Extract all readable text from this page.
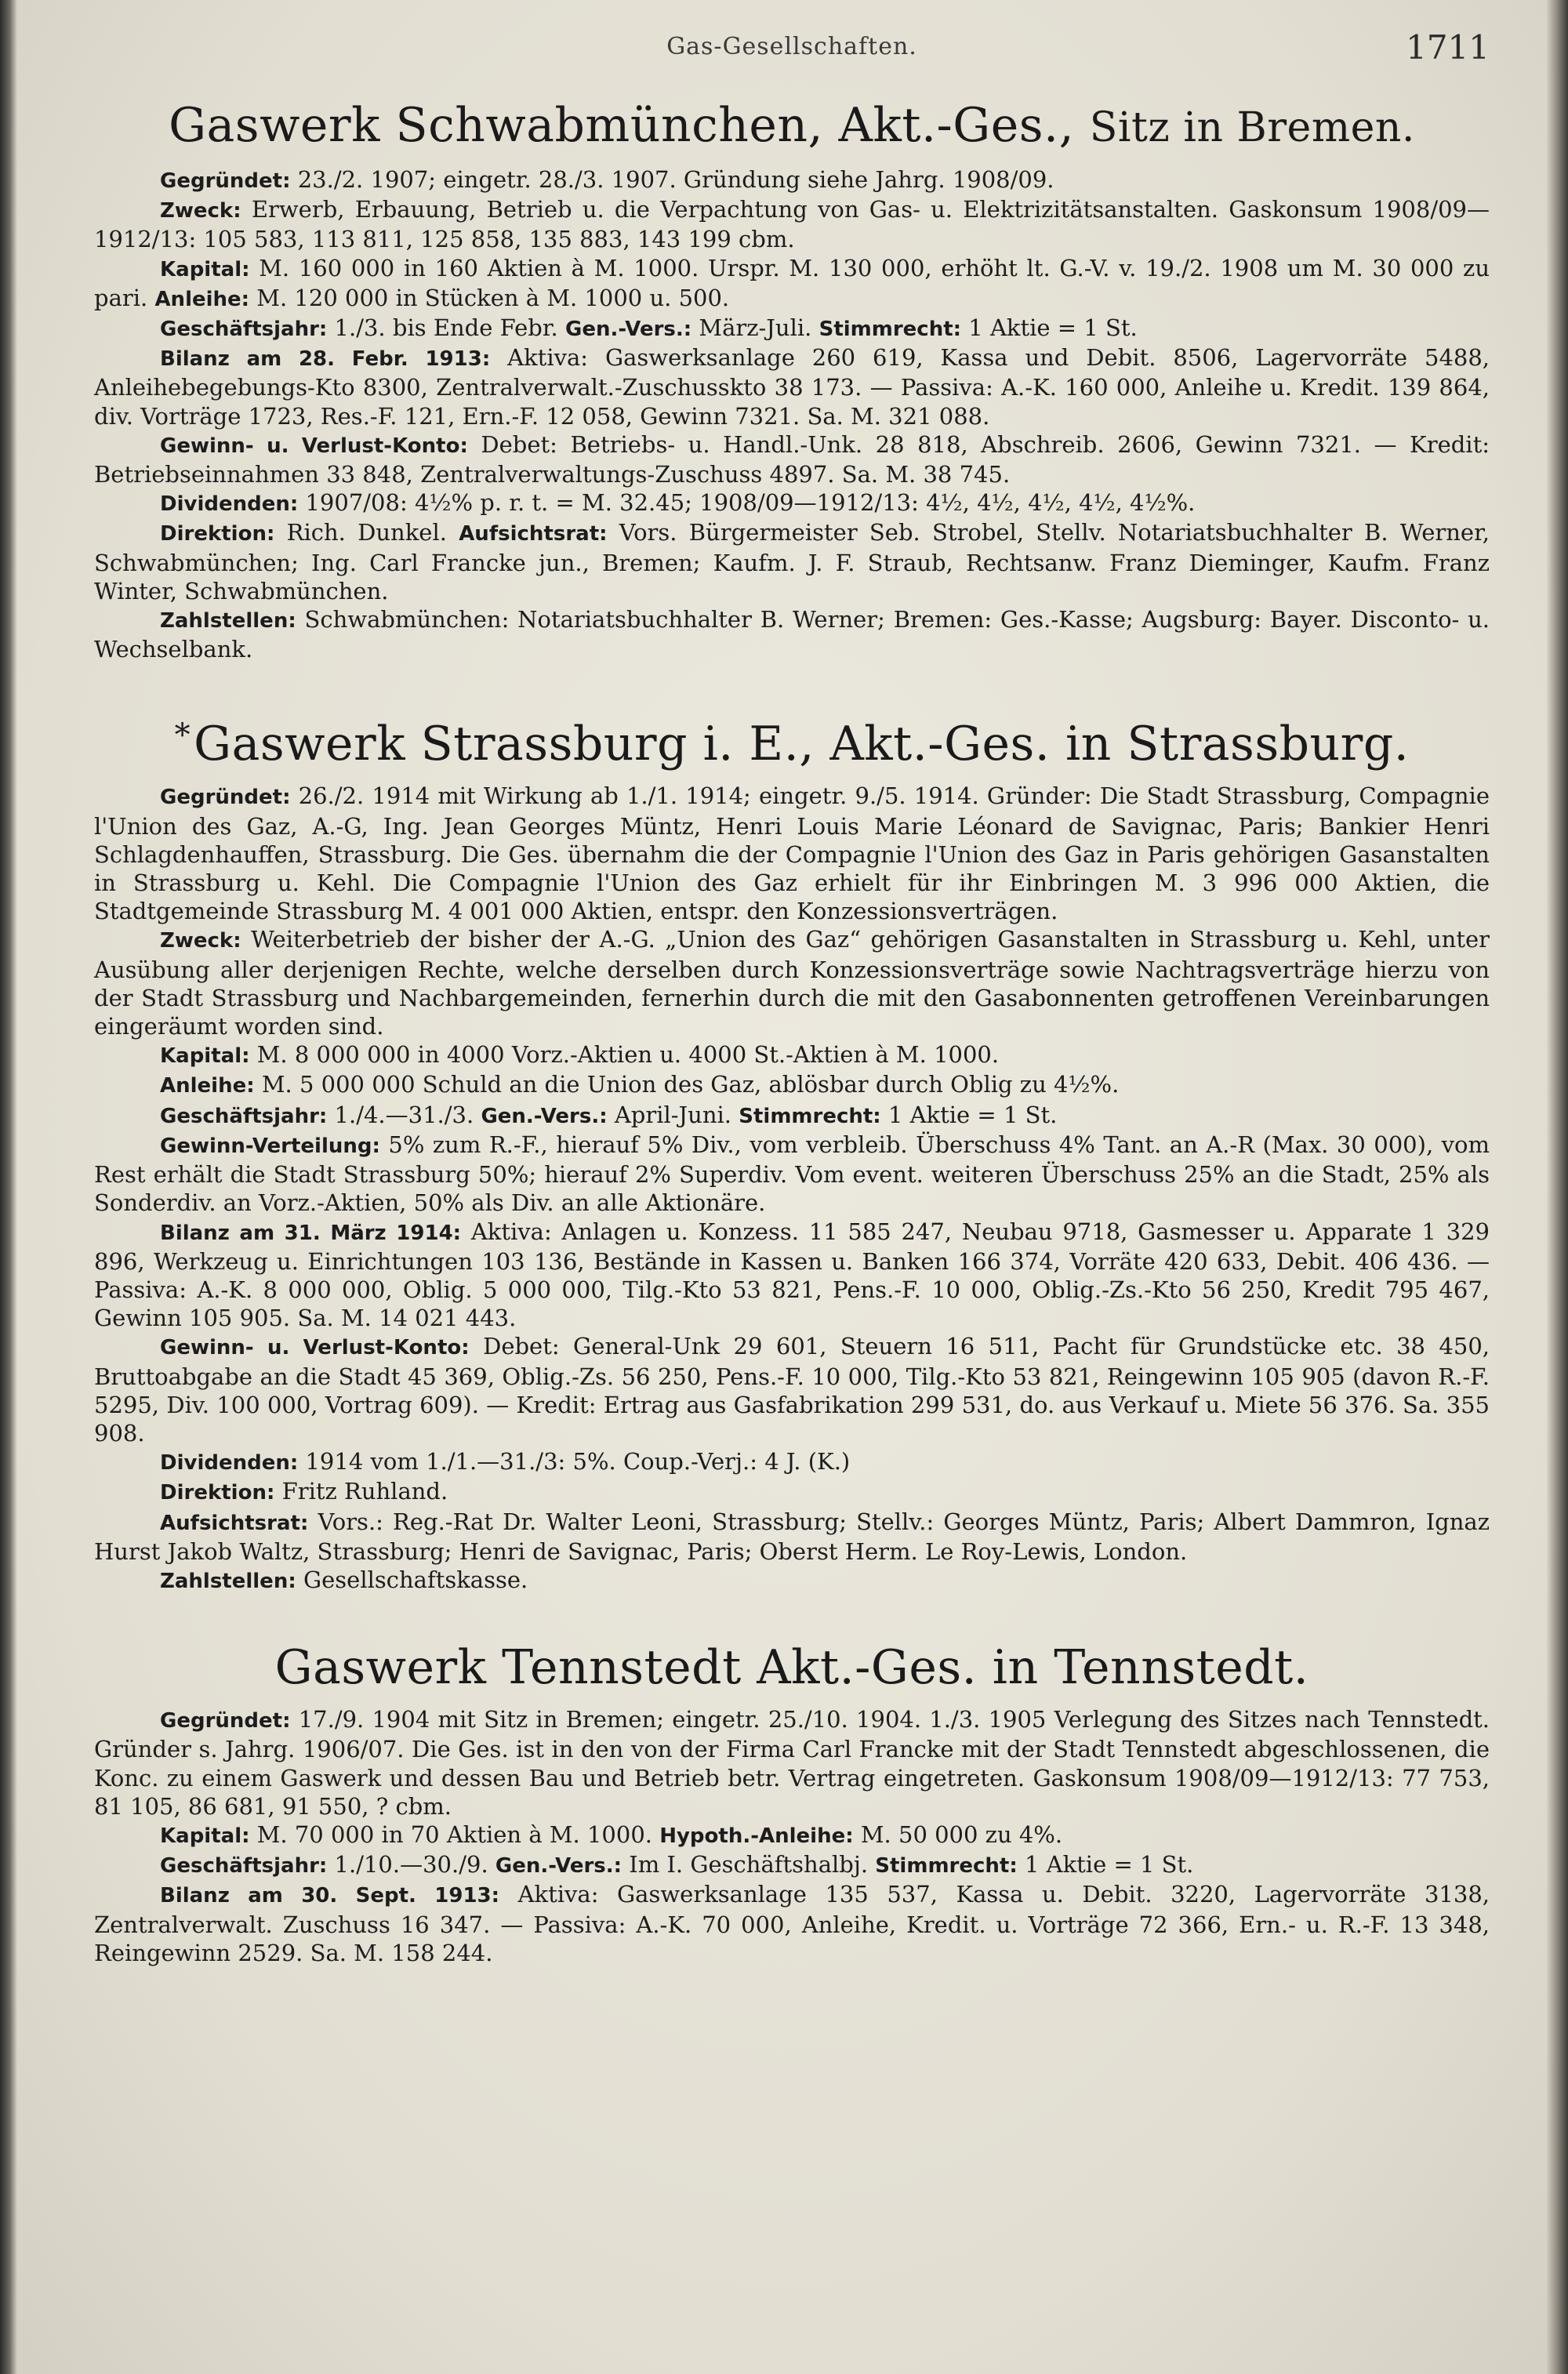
Gas-Gesellschaften.	1711
Gaswerk Schwabmünchen, Akt.-Ges., Sitz in Bremen.

Gegründet: 23./2. 1907; eingetr. 28./3. 1907. Gründung siehe Jahrg. 1908/09.

Zweck: Erwerb, Erbauung, Betrieb u. die Verpachtung von Gas- u. Elektrizitätsanstalten. Gaskonsum 1908/09—1912/13: 105 583, 113 811, 125 858, 135 883, 143 199 cbm.

Kapital: M. 160 000 in 160 Aktien à M. 1000. Urspr. M. 130 000, erhöht lt. G.-V. v. 19./2. 1908 um M. 30 000 zu pari. Anleihe: M. 120 000 in Stücken à M. 1000 u. 500.

Geschäftsjahr: 1./3. bis Ende Febr. Gen.-Vers.: März-Juli. Stimmrecht: 1 Aktie = 1 St.

Bilanz am 28. Febr. 1913: Aktiva: Gaswerksanlage 260 619, Kassa und Debit. 8506, Lagervorräte 5488, Anleihebegebungs-Kto 8300, Zentralverwalt.-Zuschusskto 38 173. — Passiva: A.-K. 160 000, Anleihe u. Kredit. 139 864, div. Vorträge 1723, Res.-F. 121, Ern.-F. 12 058, Gewinn 7321. Sa. M. 321 088.

Gewinn- u. Verlust-Konto: Debet: Betriebs- u. Handl.-Unk. 28 818, Abschreib. 2606, Gewinn 7321. — Kredit: Betriebseinnahmen 33 848, Zentralverwaltungs-Zuschuss 4897. Sa. M. 38 745.

Dividenden: 1907/08: 4½% p. r. t. = M. 32.45; 1908/09—1912/13: 4½, 4½, 4½, 4½, 4½%.

Direktion: Rich. Dunkel. Aufsichtsrat: Vors. Bürgermeister Seb. Strobel, Stellv. Notariatsbuchhalter B. Werner, Schwabmünchen; Ing. Carl Francke jun., Bremen; Kaufm. J. F. Straub, Rechtsanw. Franz Dieminger, Kaufm. Franz Winter, Schwabmünchen.

Zahlstellen: Schwabmünchen: Notariatsbuchhalter B. Werner; Bremen: Ges.-Kasse; Augsburg: Bayer. Disconto- u. Wechselbank.

*Gaswerk Strassburg i. E., Akt.-Ges. in Strassburg.

Gegründet: 26./2. 1914 mit Wirkung ab 1./1. 1914; eingetr. 9./5. 1914. Gründer: Die Stadt Strassburg, Compagnie l'Union des Gaz, A.-G, Ing. Jean Georges Müntz, Henri Louis Marie Léonard de Savignac, Paris; Bankier Henri Schlagdenhauffen, Strassburg. Die Ges. übernahm die der Compagnie l'Union des Gaz in Paris gehörigen Gasanstalten in Strassburg u. Kehl. Die Compagnie l'Union des Gaz erhielt für ihr Einbringen M. 3 996 000 Aktien, die Stadtgemeinde Strassburg M. 4 001 000 Aktien, entspr. den Konzessionsverträgen.

Zweck: Weiterbetrieb der bisher der A.-G. „Union des Gaz“ gehörigen Gasanstalten in Strassburg u. Kehl, unter Ausübung aller derjenigen Rechte, welche derselben durch Konzessionsverträge sowie Nachtragsverträge hierzu von der Stadt Strassburg und Nachbargemeinden, fernerhin durch die mit den Gasabonnenten getroffenen Vereinbarungen eingeräumt worden sind.

Kapital: M. 8 000 000 in 4000 Vorz.-Aktien u. 4000 St.-Aktien à M. 1000.

Anleihe: M. 5 000 000 Schuld an die Union des Gaz, ablösbar durch Oblig zu 4½%.

Geschäftsjahr: 1./4.—31./3. Gen.-Vers.: April-Juni. Stimmrecht: 1 Aktie = 1 St.

Gewinn-Verteilung: 5% zum R.-F., hierauf 5% Div., vom verbleib. Überschuss 4% Tant. an A.-R (Max. 30 000), vom Rest erhält die Stadt Strassburg 50%; hierauf 2% Superdiv. Vom event. weiteren Überschuss 25% an die Stadt, 25% als Sonderdiv. an Vorz.-Aktien, 50% als Div. an alle Aktionäre.

Bilanz am 31. März 1914: Aktiva: Anlagen u. Konzess. 11 585 247, Neubau 9718, Gasmesser u. Apparate 1 329 896, Werkzeug u. Einrichtungen 103 136, Bestände in Kassen u. Banken 166 374, Vorräte 420 633, Debit. 406 436. — Passiva: A.-K. 8 000 000, Oblig. 5 000 000, Tilg.-Kto 53 821, Pens.-F. 10 000, Oblig.-Zs.-Kto 56 250, Kredit 795 467, Gewinn 105 905. Sa. M. 14 021 443.

Gewinn- u. Verlust-Konto: Debet: General-Unk 29 601, Steuern 16 511, Pacht für Grundstücke etc. 38 450, Bruttoabgabe an die Stadt 45 369, Oblig.-Zs. 56 250, Pens.-F. 10 000, Tilg.-Kto 53 821, Reingewinn 105 905 (davon R.-F. 5295, Div. 100 000, Vortrag 609). — Kredit: Ertrag aus Gasfabrikation 299 531, do. aus Verkauf u. Miete 56 376. Sa. 355 908.

Dividenden: 1914 vom 1./1.—31./3: 5%. Coup.-Verj.: 4 J. (K.)

Direktion: Fritz Ruhland.

Aufsichtsrat: Vors.: Reg.-Rat Dr. Walter Leoni, Strassburg; Stellv.: Georges Müntz, Paris; Albert Dammron, Ignaz Hurst Jakob Waltz, Strassburg; Henri de Savignac, Paris; Oberst Herm. Le Roy-Lewis, London.

Zahlstellen: Gesellschaftskasse.

Gaswerk Tennstedt Akt.-Ges. in Tennstedt.

Gegründet: 17./9. 1904 mit Sitz in Bremen; eingetr. 25./10. 1904. 1./3. 1905 Verlegung des Sitzes nach Tennstedt. Gründer s. Jahrg. 1906/07. Die Ges. ist in den von der Firma Carl Francke mit der Stadt Tennstedt abgeschlossenen, die Konc. zu einem Gaswerk und dessen Bau und Betrieb betr. Vertrag eingetreten. Gaskonsum 1908/09—1912/13: 77 753, 81 105, 86 681, 91 550, ? cbm.

Kapital: M. 70 000 in 70 Aktien à M. 1000. Hypoth.-Anleihe: M. 50 000 zu 4%.

Geschäftsjahr: 1./10.—30./9. Gen.-Vers.: Im I. Geschäftshalbj. Stimmrecht: 1 Aktie = 1 St.

Bilanz am 30. Sept. 1913: Aktiva: Gaswerksanlage 135 537, Kassa u. Debit. 3220, Lagervorräte 3138, Zentralverwalt. Zuschuss 16 347. — Passiva: A.-K. 70 000, Anleihe, Kredit. u. Vorträge 72 366, Ern.- u. R.-F. 13 348, Reingewinn 2529. Sa. M. 158 244.
